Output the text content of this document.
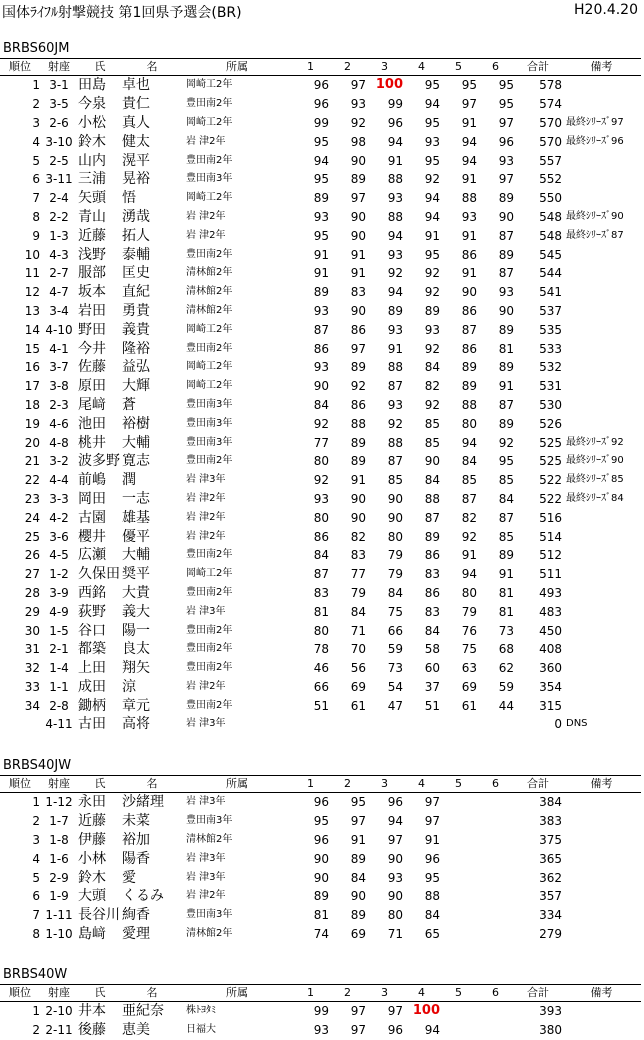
国体ﾗｲﾌﾙ射撃競技 第1回県予選会(BR)	H20.4.20
BRBS60JM
順位	射座	氏	名	所属	1	2	3	4	5	6	合計	備考
1	3-1	田島	卓也	岡崎工2年	96	97	100	95	95	95	578	
2	3-5	今泉	貴仁	豊田南2年	96	93	99	94	97	95	574	
3	2-6	小松	真人	岡崎工2年	99	92	96	95	91	97	570	最終ｼﾘｰｽﾞ97
4	3-10	鈴木	健太	岩 津2年	95	98	94	93	94	96	570	最終ｼﾘｰｽﾞ96
5	2-5	山内	滉平	豊田南2年	94	90	91	95	94	93	557	
6	3-11	三浦	晃裕	豊田南3年	95	89	88	92	91	97	552	
7	2-4	矢頭	悟	岡崎工2年	89	97	93	94	88	89	550	
8	2-2	青山	湧哉	岩 津2年	93	90	88	94	93	90	548	最終ｼﾘｰｽﾞ90
9	1-3	近藤	拓人	岩 津2年	95	90	94	91	91	87	548	最終ｼﾘｰｽﾞ87
10	4-3	浅野	泰輔	豊田南2年	91	91	93	95	86	89	545	
11	2-7	服部	匡史	清林館2年	91	91	92	92	91	87	544	
12	4-7	坂本	直紀	清林館2年	89	83	94	92	90	93	541	
13	3-4	岩田	勇貴	清林館2年	93	90	89	89	86	90	537	
14	4-10	野田	義貴	岡崎工2年	87	86	93	93	87	89	535	
15	4-1	今井	隆裕	豊田南2年	86	97	91	92	86	81	533	
16	3-7	佐藤	益弘	岡崎工2年	93	89	88	84	89	89	532	
17	3-8	原田	大輝	岡崎工2年	90	92	87	82	89	91	531	
18	2-3	尾﨑	蒼	豊田南3年	84	86	93	92	88	87	530	
19	4-6	池田	裕樹	豊田南3年	92	88	92	85	80	89	526	
20	4-8	桃井	大輔	豊田南3年	77	89	88	85	94	92	525	最終ｼﾘｰｽﾞ92
21	3-2	波多野	寛志	豊田南2年	80	89	87	90	84	95	525	最終ｼﾘｰｽﾞ90
22	4-4	前嶋	潤	岩 津3年	92	91	85	84	85	85	522	最終ｼﾘｰｽﾞ85
23	3-3	岡田	一志	岩 津2年	93	90	90	88	87	84	522	最終ｼﾘｰｽﾞ84
24	4-2	古園	雄基	岩 津2年	80	90	90	87	82	87	516	
25	3-6	櫻井	優平	岩 津2年	86	82	80	89	92	85	514	
26	4-5	広瀬	大輔	豊田南2年	84	83	79	86	91	89	512	
27	1-2	久保田	奨平	岡崎工2年	87	77	79	83	94	91	511	
28	3-9	西銘	大貴	豊田南2年	83	79	84	86	80	81	493	
29	4-9	荻野	義大	岩 津3年	81	84	75	83	79	81	483	
30	1-5	谷口	陽一	豊田南2年	80	71	66	84	76	73	450	
31	2-1	都築	良太	豊田南2年	78	70	59	58	75	68	408	
32	1-4	上田	翔矢	豊田南2年	46	56	73	60	63	62	360	
33	1-1	成田	涼	岩 津2年	66	69	54	37	69	59	354	
34	2-8	鋤柄	章元	豊田南2年	51	61	47	51	61	44	315	
	4-11	古田	高将	岩 津3年							0	DNS
BRBS40JW
順位	射座	氏	名	所属	1	2	3	4	5	6	合計	備考
1	1-12	永田	沙緒理	岩 津3年	96	95	96	97			384	
2	1-7	近藤	未菜	豊田南3年	95	97	94	97			383	
3	1-8	伊藤	裕加	清林館2年	96	91	97	91			375	
4	1-6	小林	陽香	岩 津3年	90	89	90	96			365	
5	2-9	鈴木	愛	岩 津3年	90	84	93	95			362	
6	1-9	大頭	くるみ	岩 津2年	89	90	90	88			357	
7	1-11	長谷川	絢香	豊田南3年	81	89	80	84			334	
8	1-10	島﨑	愛理	清林館2年	74	69	71	65			279	
BRBS40W
順位	射座	氏	名	所属	1	2	3	4	5	6	合計	備考
1	2-10	井本	亜紀奈	株ﾄﾖﾀﾐ	99	97	97	100			393	
2	2-11	後藤	恵美	日福大	93	97	96	94			380	
